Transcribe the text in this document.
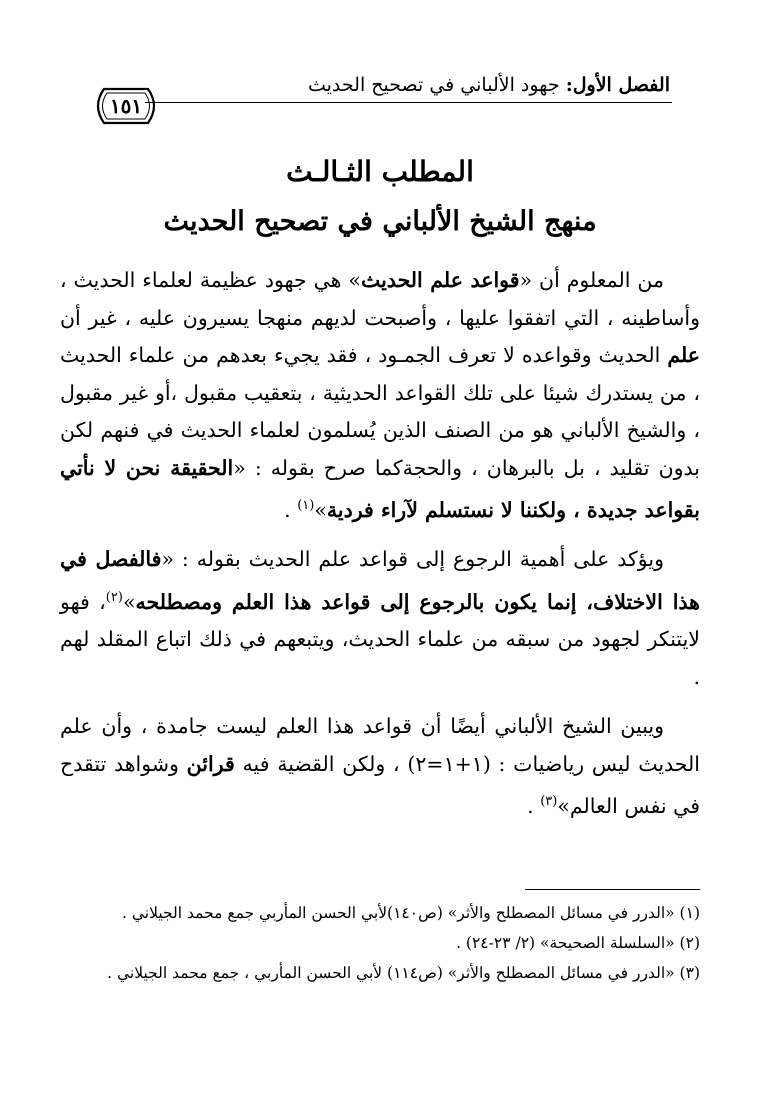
الفصل الأول: جهود الألباني في تصحيح الحديث
١٥١
المطلب الثـالـث
منهج الشيخ الألباني في تصحيح الحديث

من المعلوم أن «قواعد علم الحديث» هي جهود عظيمة لعلماء الحديث ، وأساطينه ، التي اتفقوا عليها ، وأصبحت لديهم منهجا يسيرون عليه ، غير أن علم الحديث وقواعده لا تعرف الجمـود ، فقد يجيء بعدهم من علماء الحديث ، من يستدرك شيئا على تلك القواعد الحديثية ، بتعقيب مقبول ،أو غير مقبول ، والشيخ الألباني هو من الصنف الذين يُسلمون لعلماء الحديث في فنهم لكن بدون تقليد ، بل بالبرهان ، والحجةكما صرح بقوله : «الحقيقة نحن لا نأتي بقواعد جديدة ، ولكننا لا نستسلم لآراء فردية»$^{(١)}$ .

ويؤكد على أهمية الرجوع إلى قواعد علم الحديث بقوله : «فالفصل في هذا الاختلاف، إنما يكون بالرجوع إلى قواعد هذا العلم ومصطلحه»$^{(٢)}$، فهو لايتنكر لجهود من سبقه من علماء الحديث، ويتبعهم في ذلك اتباع المقلد لهم .

ويبين الشيخ الألباني أيضًا أن قواعد هذا العلم ليست جامدة ، وأن علم الحديث ليس رياضيات : (١+١=٢) ، ولكن القضية فيه قرائن وشواهد تتقدح في نفس العالم»$^{(٣)}$ .

(١) «الدرر في مسائل المصطلح والأثر» (ص١٤٠)لأبي الحسن المأربي جمع محمد الجيلاني .
(٢) «السلسلة الصحيحة» (٢/ ٢٣-٢٤) .
(٣) «الدرر في مسائل المصطلح والأثر» (ص١١٤) لأبي الحسن المأربي ، جمع محمد الجيلاني .
